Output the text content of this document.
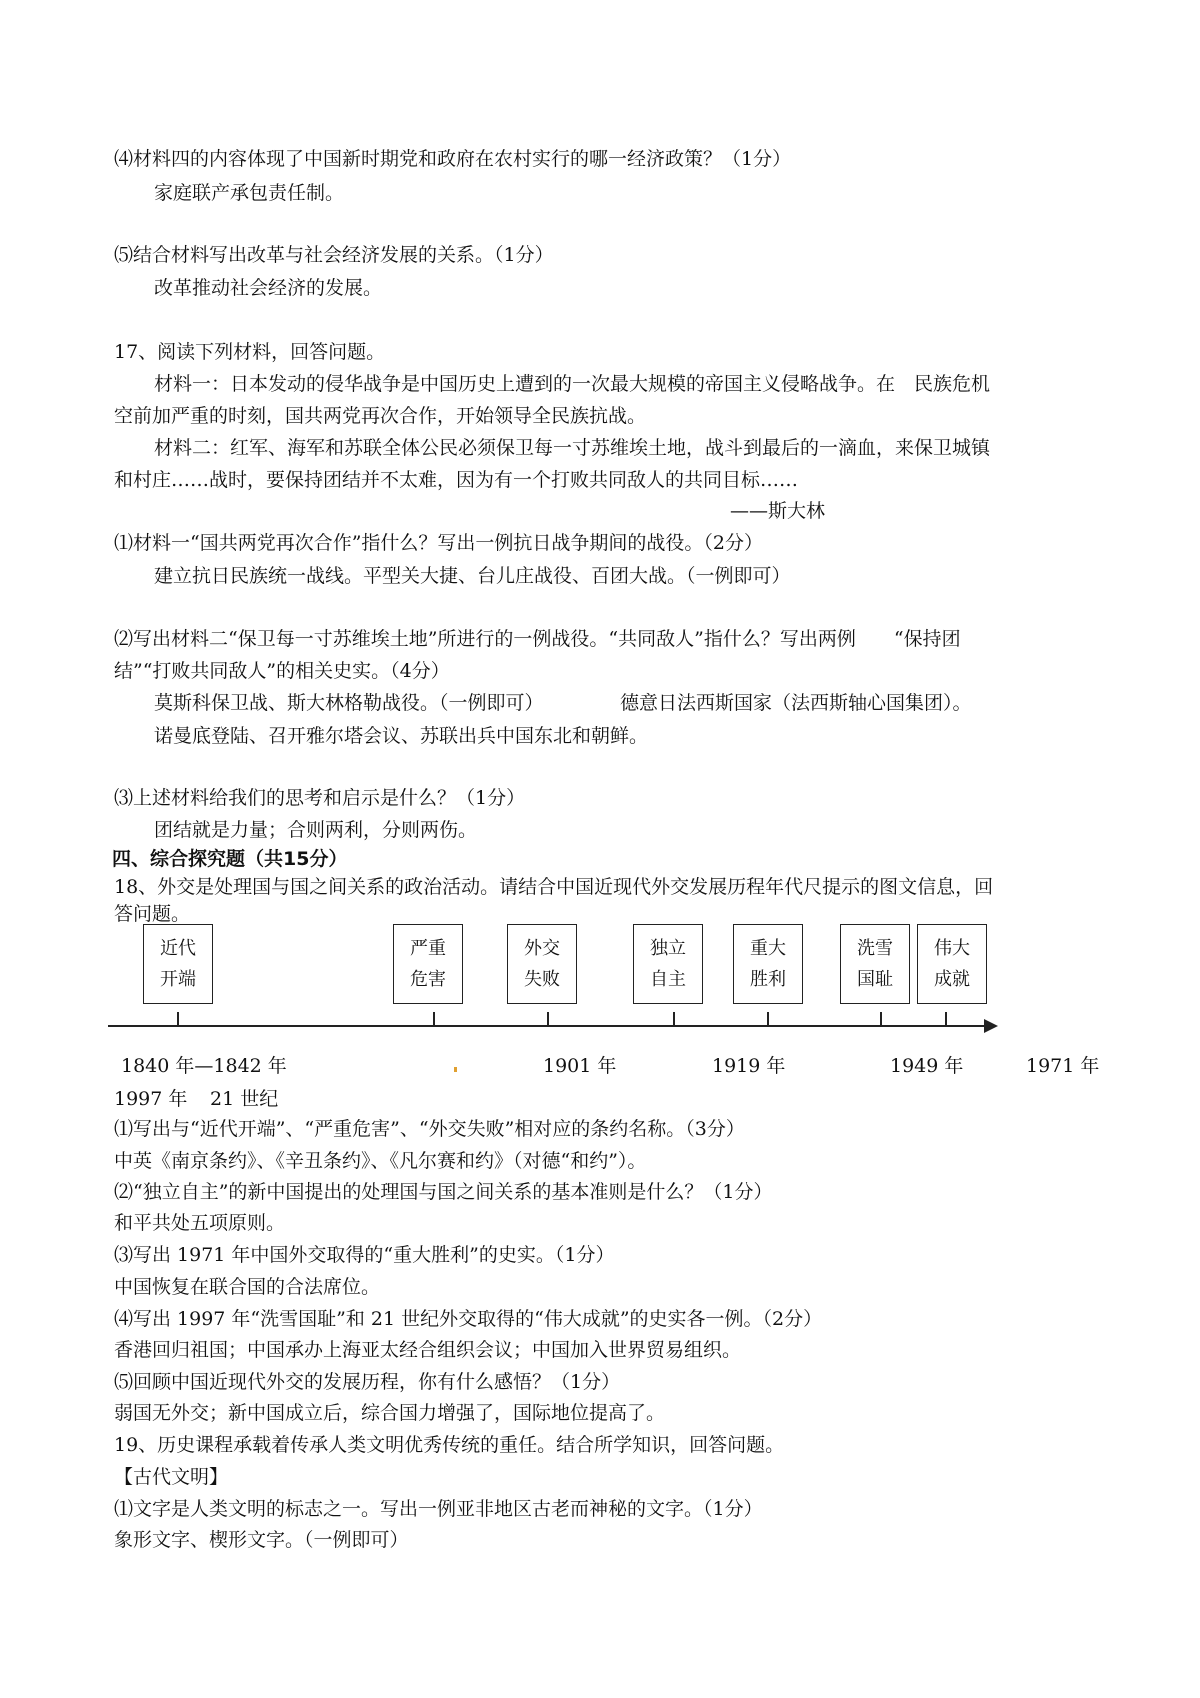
⑷材料四的内容体现了中国新时期党和政府在农村实行的哪一经济政策？（1分）
家庭联产承包责任制。
⑸结合材料写出改革与社会经济发展的关系。（1分）
改革推动社会经济的发展。
17、阅读下列材料，回答问题。
材料一：日本发动的侵华战争是中国历史上遭到的一次最大规模的帝国主义侵略战争。在　民族危机
空前加严重的时刻，国共两党再次合作，开始领导全民族抗战。
材料二：红军、海军和苏联全体公民必须保卫每一寸苏维埃土地，战斗到最后的一滴血，来保卫城镇
和村庄……战时，要保持团结并不太难，因为有一个打败共同敌人的共同目标……
——斯大林
⑴材料一“国共两党再次合作”指什么？写出一例抗日战争期间的战役。（2分）
建立抗日民族统一战线。平型关大捷、台儿庄战役、百团大战。（一例即可）
⑵写出材料二“保卫每一寸苏维埃土地”所进行的一例战役。“共同敌人”指什么？写出两例　　“保持团
结”“打败共同敌人”的相关史实。（4分）
莫斯科保卫战、斯大林格勒战役。（一例即可）	德意日法西斯国家（法西斯轴心国集团）。
诺曼底登陆、召开雅尔塔会议、苏联出兵中国东北和朝鲜。
⑶上述材料给我们的思考和启示是什么？（1分）
团结就是力量；合则两利，分则两伤。
四、综合探究题（共15分）
18、外交是处理国与国之间关系的政治活动。请结合中国近现代外交发展历程年代尺提示的图文信息，回
答问题。
近代
开端
严重
危害
外交
失败
独立
自主
重大
胜利
洗雪
国耻
伟大
成就
1840 年—1842 年	1901 年	1919 年	1949 年	1971 年
1997 年 21 世纪
⑴写出与“近代开端”、“严重危害”、“外交失败”相对应的条约名称。（3分）
中英《南京条约》、《辛丑条约》、《凡尔赛和约》（对德“和约”）。
⑵“独立自主”的新中国提出的处理国与国之间关系的基本准则是什么？（1分）
和平共处五项原则。
⑶写出 1971 年中国外交取得的“重大胜利”的史实。（1分）
中国恢复在联合国的合法席位。
⑷写出 1997 年“洗雪国耻”和 21 世纪外交取得的“伟大成就”的史实各一例。（2分）
香港回归祖国；中国承办上海亚太经合组织会议；中国加入世界贸易组织。
⑸回顾中国近现代外交的发展历程，你有什么感悟？（1分）
弱国无外交；新中国成立后，综合国力增强了，国际地位提高了。
19、历史课程承载着传承人类文明优秀传统的重任。结合所学知识，回答问题。
【古代文明】
⑴文字是人类文明的标志之一。写出一例亚非地区古老而神秘的文字。（1分）
象形文字、楔形文字。（一例即可）
